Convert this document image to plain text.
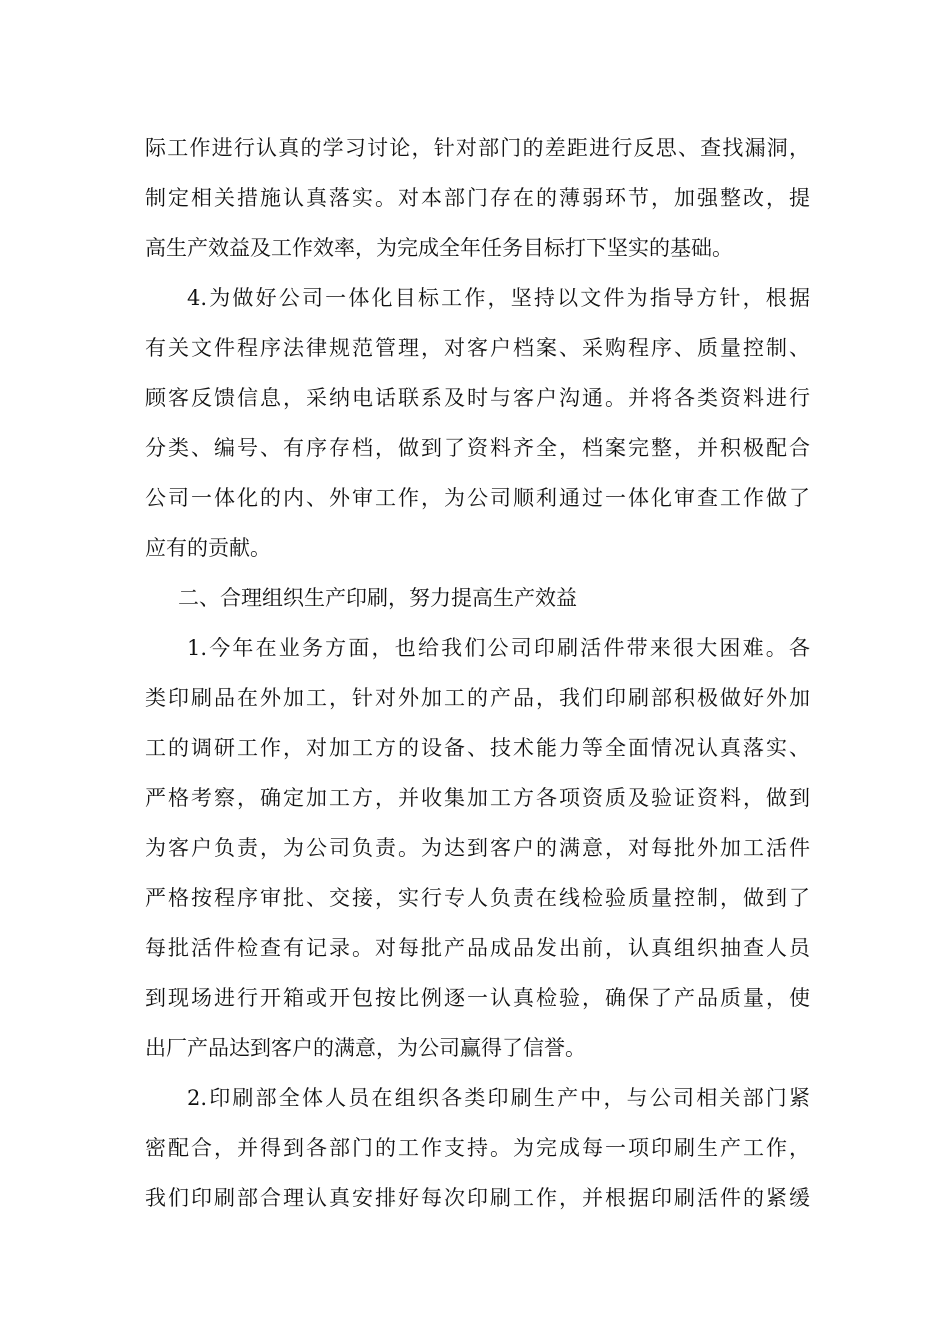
际工作进行认真的学习讨论，针对部门的差距进行反思、查找漏洞，
制定相关措施认真落实。对本部门存在的薄弱环节，加强整改，提
高生产效益及工作效率，为完成全年任务目标打下坚实的基础。
4.为做好公司一体化目标工作，坚持以文件为指导方针，根据
有关文件程序法律规范管理，对客户档案、采购程序、质量控制、
顾客反馈信息，采纳电话联系及时与客户沟通。并将各类资料进行
分类、编号、有序存档，做到了资料齐全，档案完整，并积极配合
公司一体化的内、外审工作，为公司顺利通过一体化审查工作做了
应有的贡献。
二、合理组织生产印刷，努力提高生产效益
1.今年在业务方面，也给我们公司印刷活件带来很大困难。各
类印刷品在外加工，针对外加工的产品，我们印刷部积极做好外加
工的调研工作，对加工方的设备、技术能力等全面情况认真落实、
严格考察，确定加工方，并收集加工方各项资质及验证资料，做到
为客户负责，为公司负责。为达到客户的满意，对每批外加工活件
严格按程序审批、交接，实行专人负责在线检验质量控制，做到了
每批活件检查有记录。对每批产品成品发出前，认真组织抽查人员
到现场进行开箱或开包按比例逐一认真检验，确保了产品质量，使
出厂产品达到客户的满意，为公司赢得了信誉。
2.印刷部全体人员在组织各类印刷生产中，与公司相关部门紧
密配合，并得到各部门的工作支持。为完成每一项印刷生产工作，
我们印刷部合理认真安排好每次印刷工作，并根据印刷活件的紧缓
